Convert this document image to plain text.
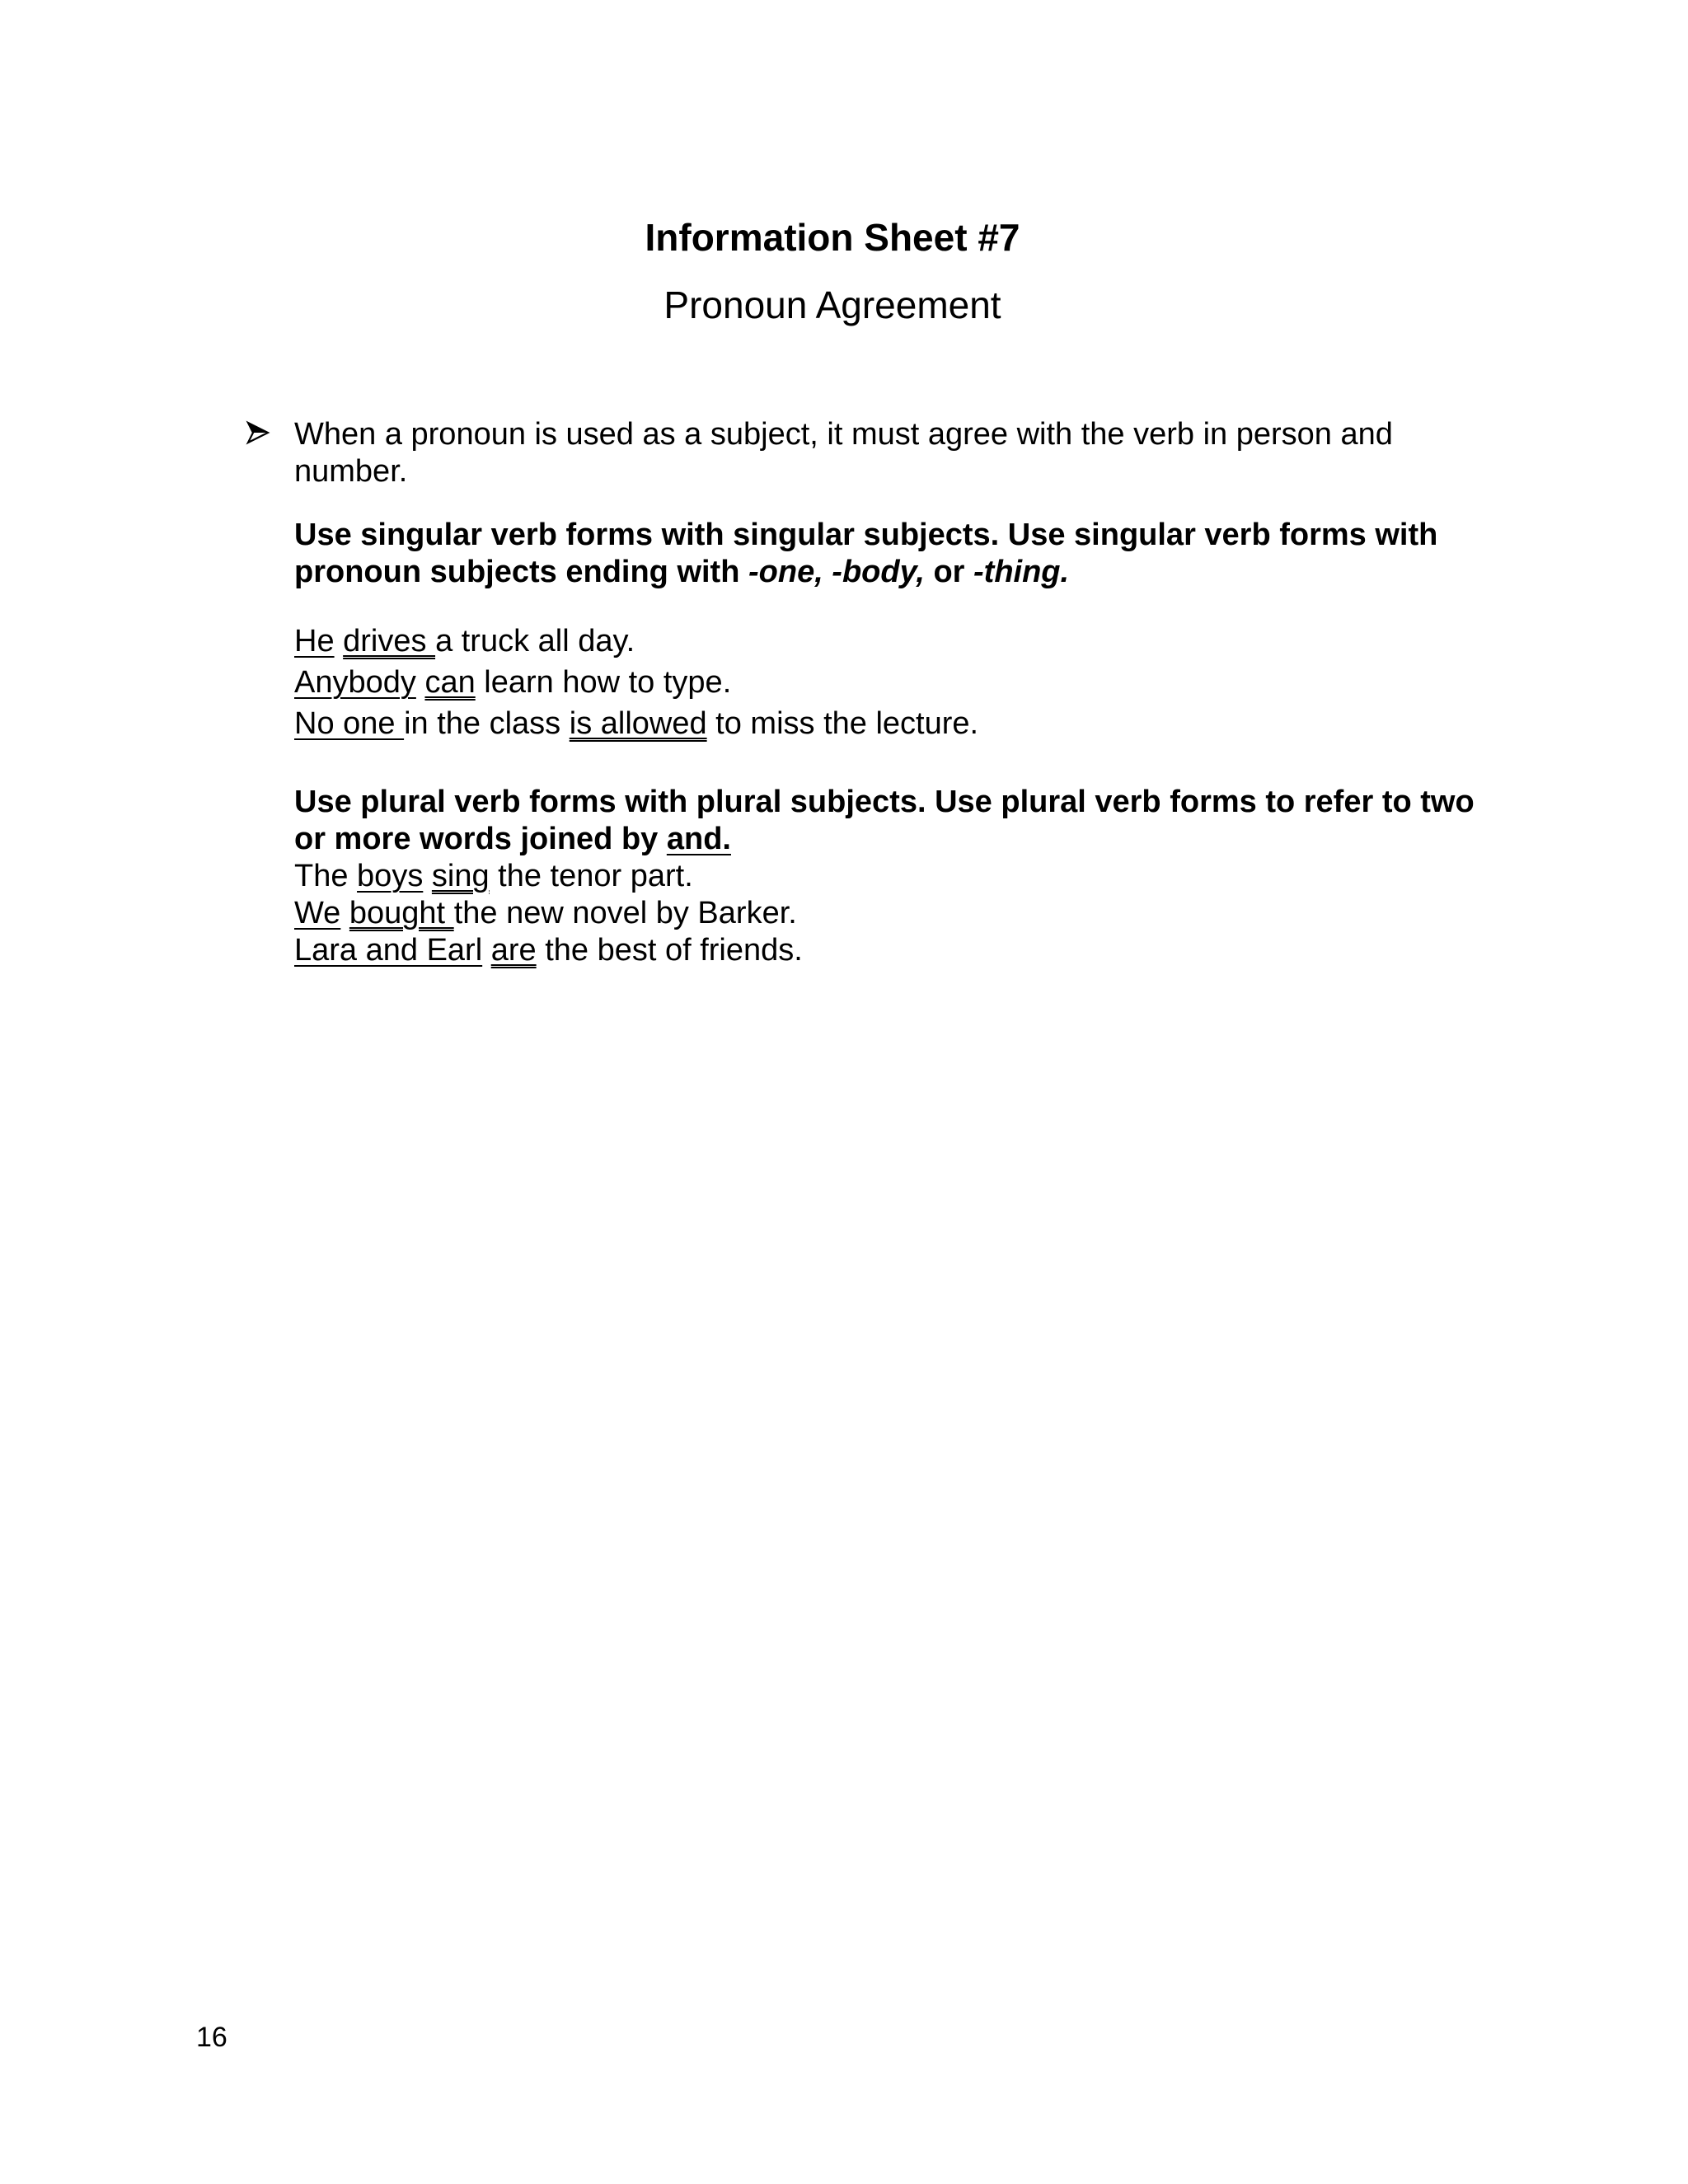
Information Sheet #7

Pronoun Agreement

When a pronoun is used as a subject, it must agree with the verb in person and number.

Use singular verb forms with singular subjects. Use singular verb forms with pronoun subjects ending with -one, -body, or -thing.

He drives a truck all day.

Anybody can learn how to type.

No one in the class is allowed to miss the lecture.

Use plural verb forms with plural subjects. Use plural verb forms to refer to two or more words joined by and.

The boys sing the tenor part.

We bought the new novel by Barker.

Lara and Earl are the best of friends.

16
